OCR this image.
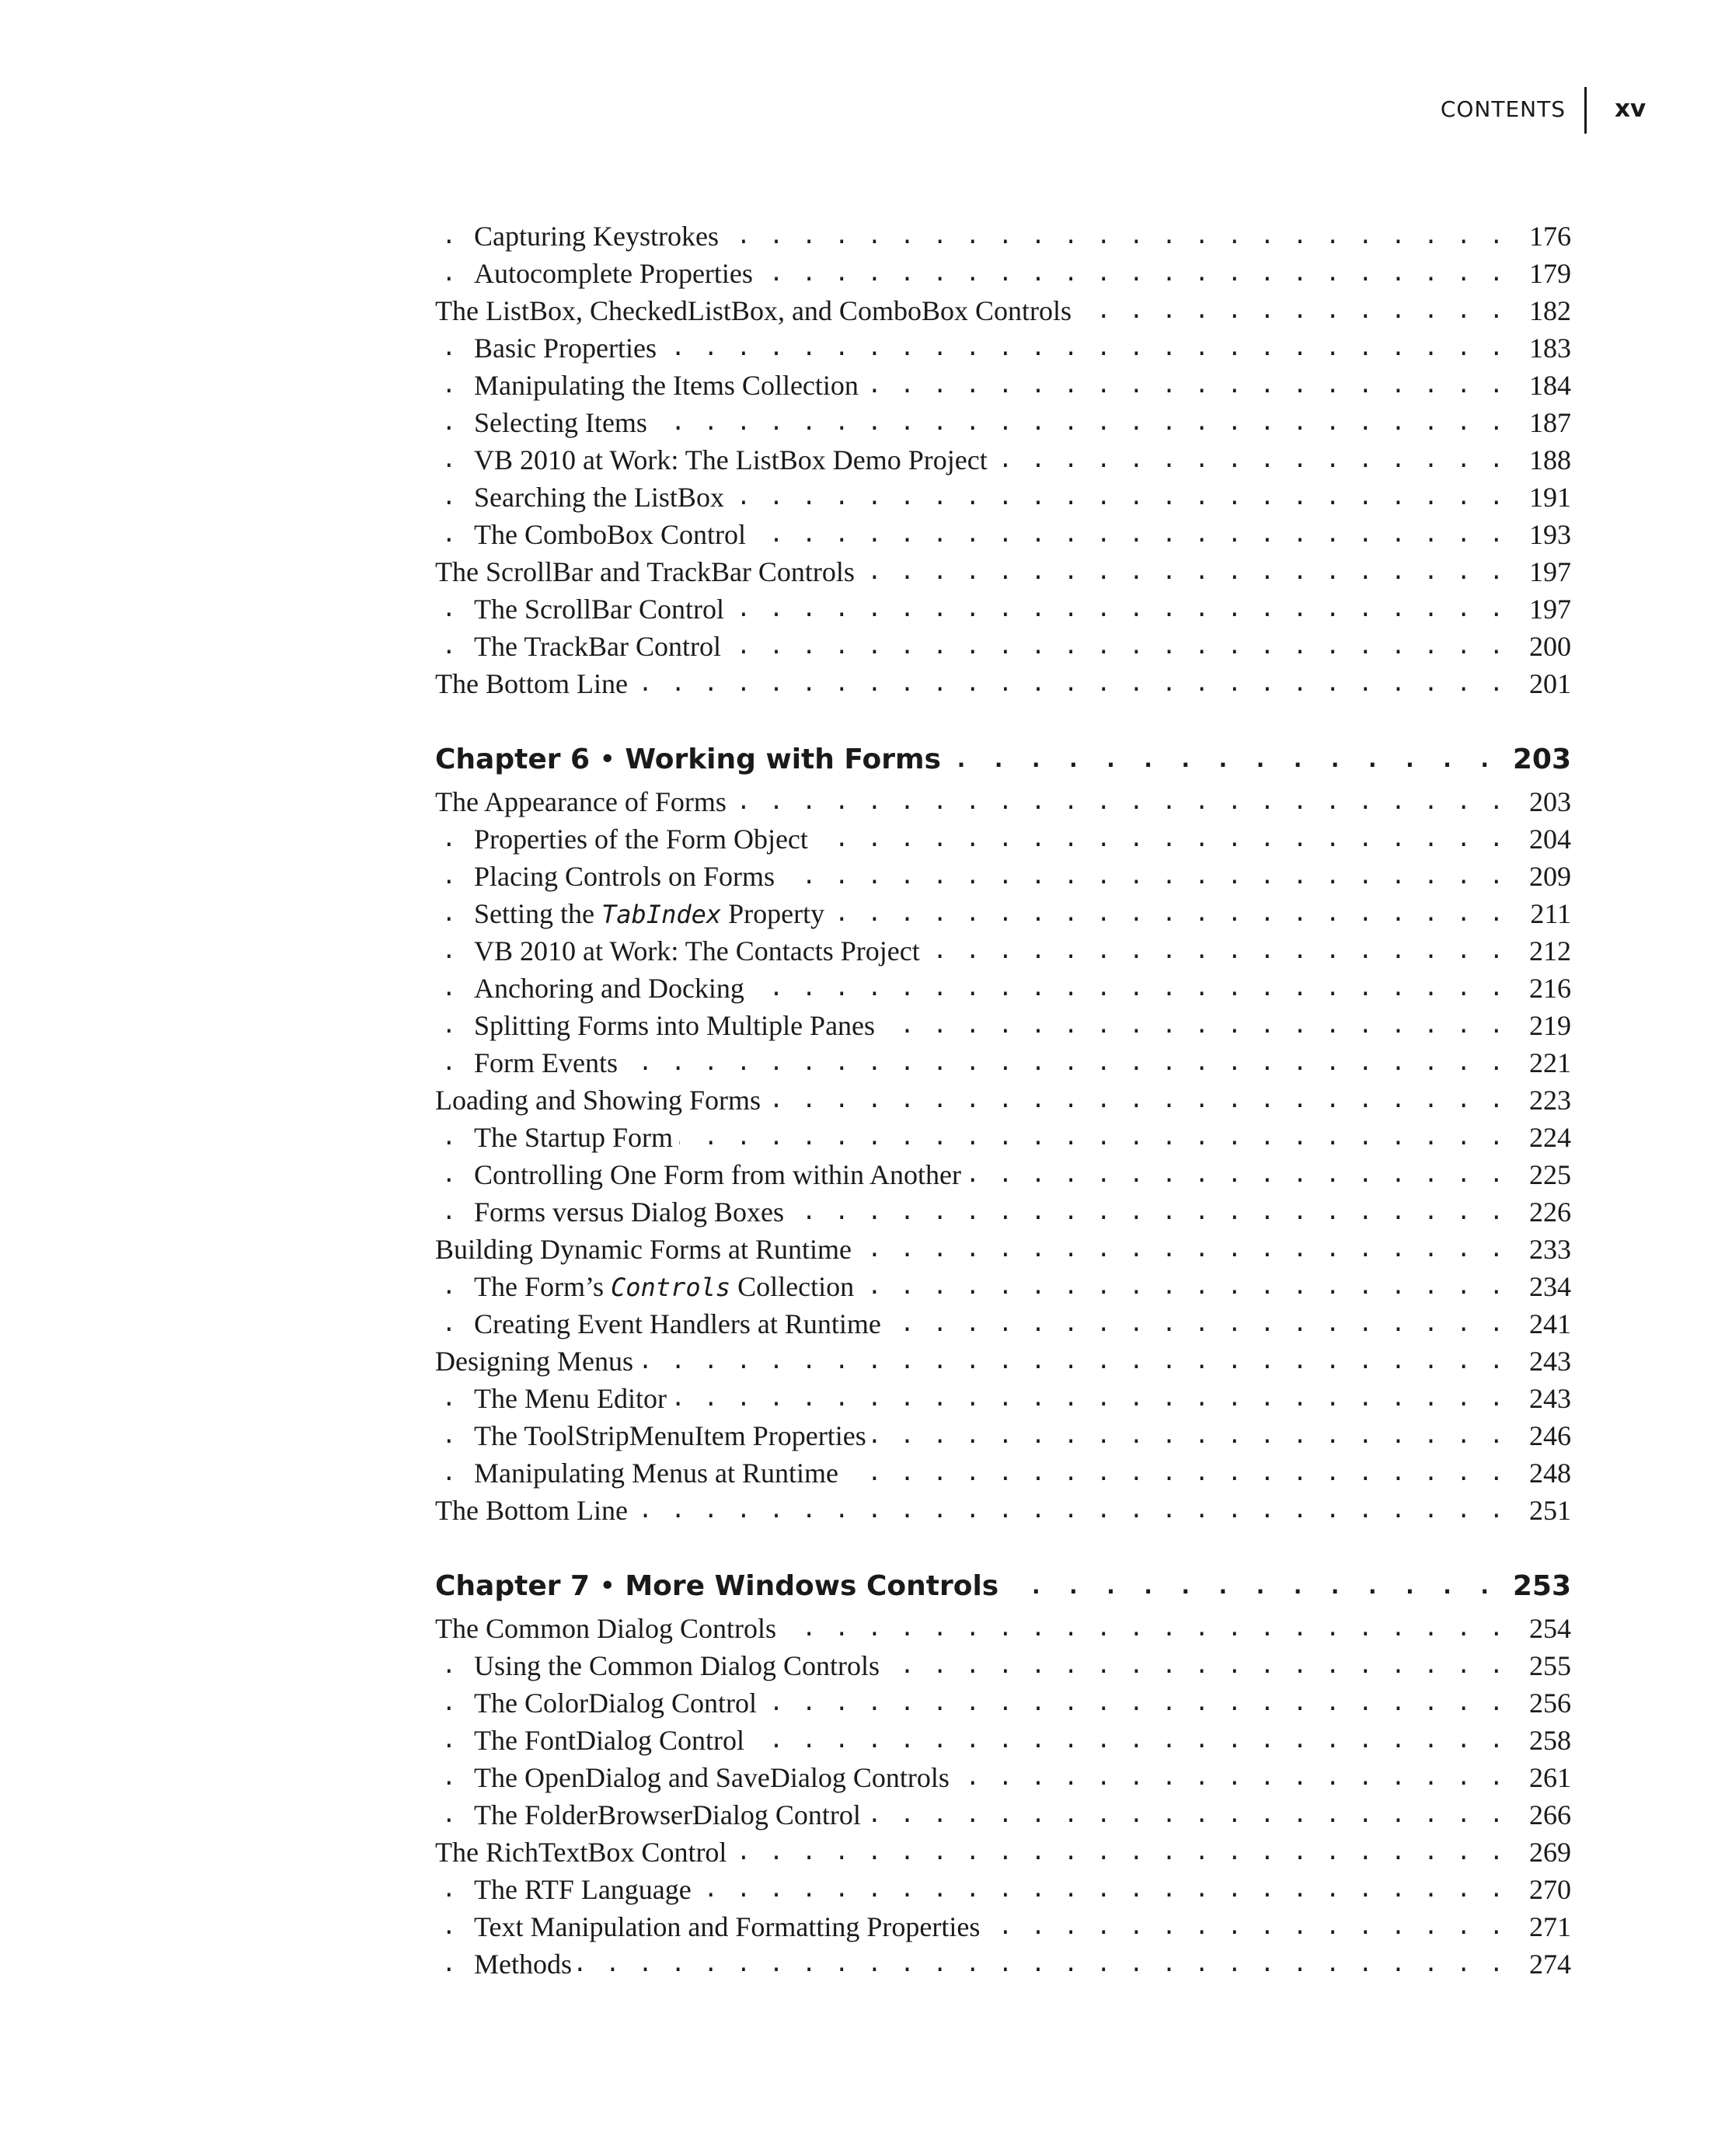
CONTENTS xv
Capturing Keystrokes	176
. . .
Autocomplete Properties	179
. . .
The ListBox, CheckedListBox, and ComboBox Controls	182
. . .
Basic Properties	183
. . .
Manipulating the Items Collection	184
. . .
Selecting Items	187
. . .
VB 2010 at Work: The ListBox Demo Project	188
. . .
Searching the ListBox	191
. . .
The ComboBox Control	193
. . .
The ScrollBar and TrackBar Controls	197
. . .
The ScrollBar Control	197
. . .
The TrackBar Control	200
. . .
The Bottom Line	201
. . .
Chapter 6 • Working with Forms	203
. . .
The Appearance of Forms	203
. . .
Properties of the Form Object	204
. . .
Placing Controls on Forms	209
. . .
Setting the TabIndex Property	211
. . .
VB 2010 at Work: The Contacts Project	212
. . .
Anchoring and Docking	216
. . .
Splitting Forms into Multiple Panes	219
. . .
Form Events	221
. . .
Loading and Showing Forms	223
. . .
The Startup Form	224
. . .
Controlling One Form from within Another	225
. . .
Forms versus Dialog Boxes	226
. . .
Building Dynamic Forms at Runtime	233
. . .
The Form’s Controls Collection	234
. . .
Creating Event Handlers at Runtime	241
. . .
Designing Menus	243
. . .
The Menu Editor	243
. . .
The ToolStripMenuItem Properties	246
. . .
Manipulating Menus at Runtime	248
. . .
The Bottom Line	251
. . .
Chapter 7 • More Windows Controls	253
. . .
The Common Dialog Controls	254
. . .
Using the Common Dialog Controls	255
. . .
The ColorDialog Control	256
. . .
The FontDialog Control	258
. . .
The OpenDialog and SaveDialog Controls	261
. . .
The FolderBrowserDialog Control	266
. . .
The RichTextBox Control	269
. . .
The RTF Language	270
. . .
Text Manipulation and Formatting Properties	271
. . .
Methods	274
. . .
